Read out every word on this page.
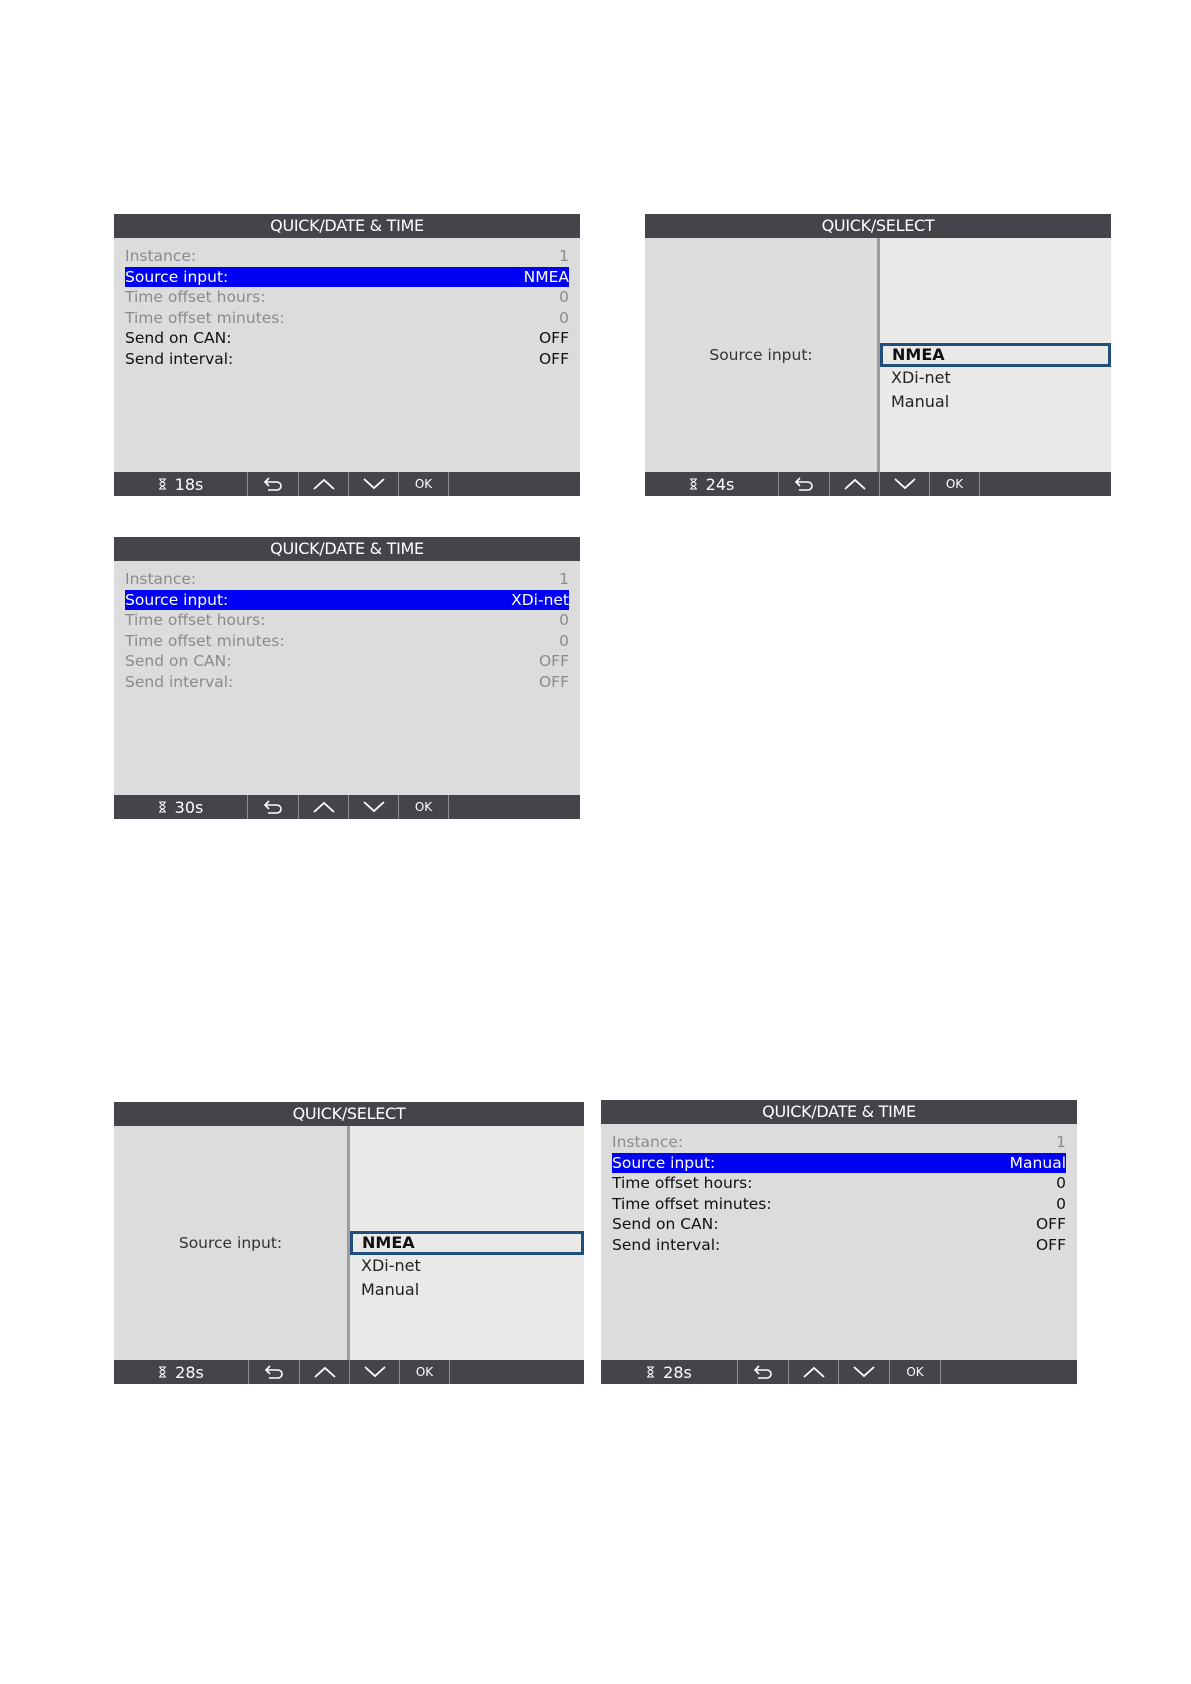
QUICK/DATE & TIME
Instance:	1
Source input:	NMEA
Time offset hours:	0
Time offset minutes:	0
Send on CAN:	OFF
Send interval:	OFF
18s	OK
QUICK/SELECT
Source input:	NMEA
XDi-net
Manual
24s	OK
QUICK/DATE & TIME
Instance:	1
Source input:	XDi-net
Time offset hours:	0
Time offset minutes:	0
Send on CAN:	OFF
Send interval:	OFF
30s	OK
QUICK/SELECT
Source input:	NMEA
XDi-net
Manual
28s	OK
QUICK/DATE & TIME
Instance:	1
Source input:	Manual
Time offset hours:	0
Time offset minutes:	0
Send on CAN:	OFF
Send interval:	OFF
28s	OK
